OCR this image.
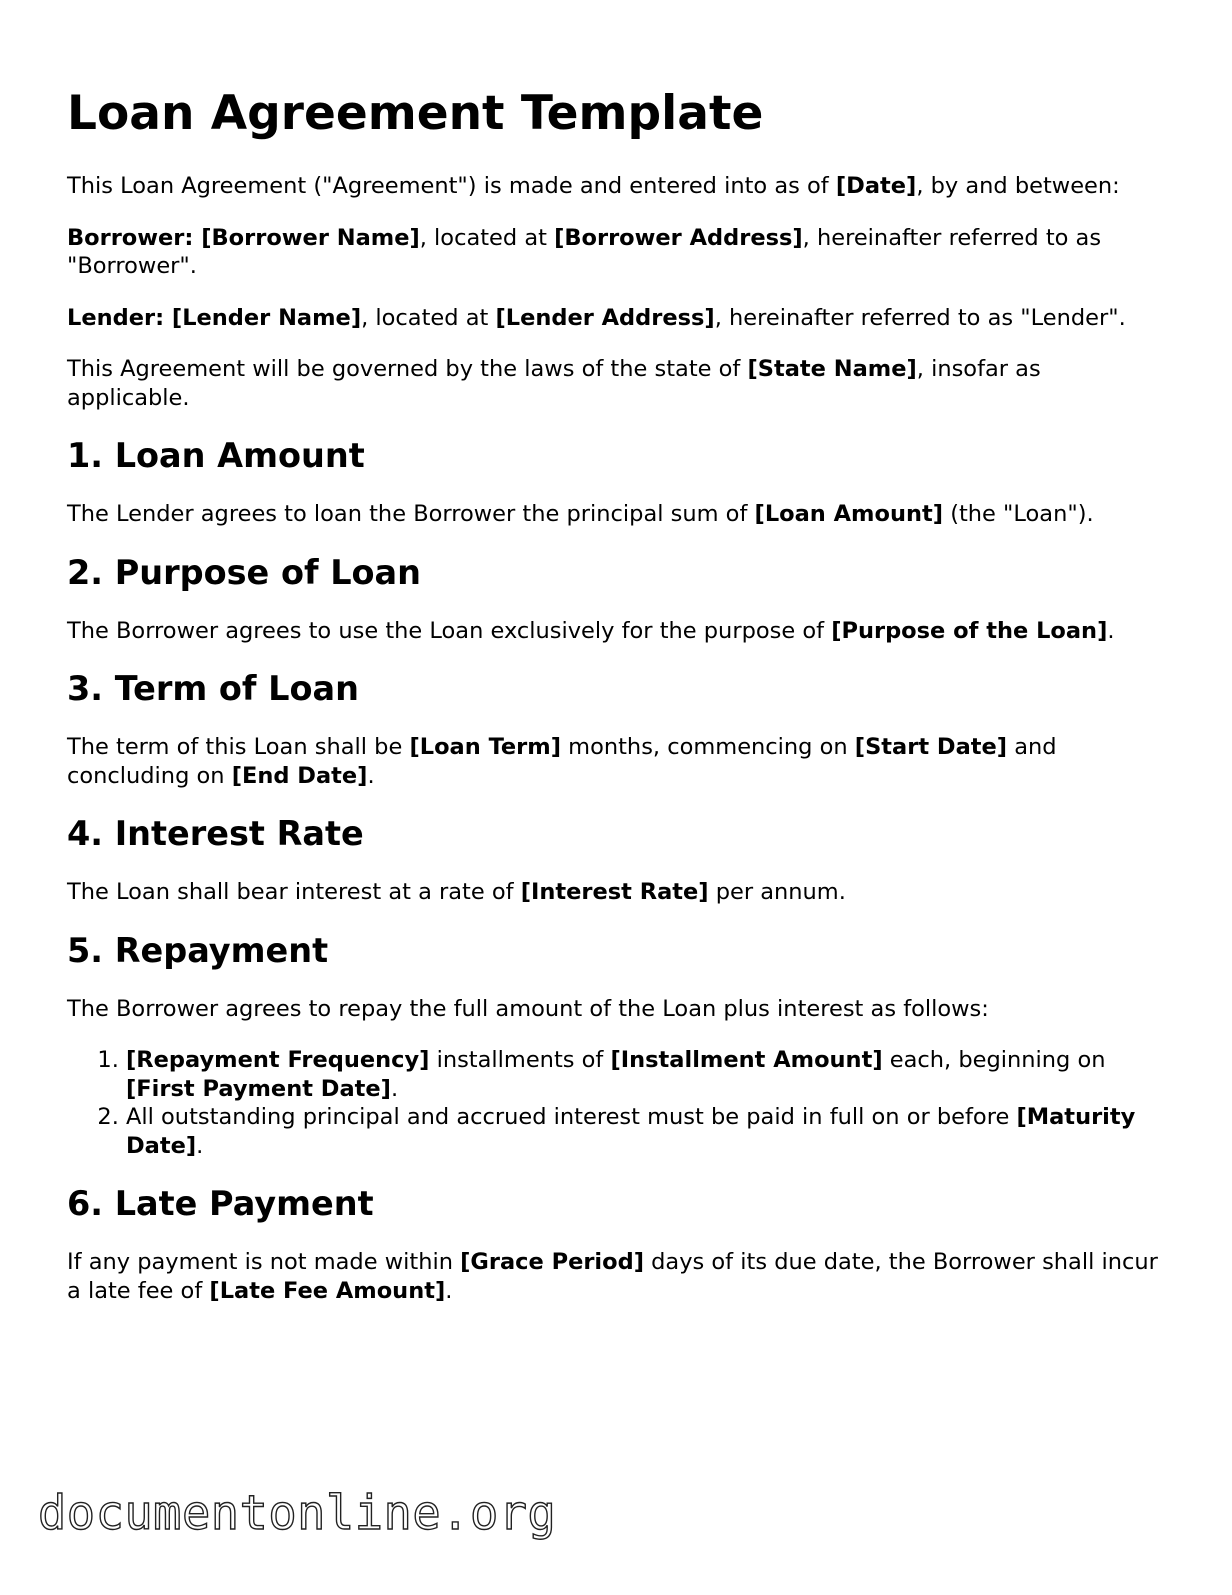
Loan Agreement Template

This Loan Agreement ("Agreement") is made and entered into as of [Date], by and between:

Borrower: [Borrower Name], located at [Borrower Address], hereinafter referred to as "Borrower".

Lender: [Lender Name], located at [Lender Address], hereinafter referred to as "Lender".

This Agreement will be governed by the laws of the state of [State Name], insofar as applicable.

1. Loan Amount

The Lender agrees to loan the Borrower the principal sum of [Loan Amount] (the "Loan").

2. Purpose of Loan

The Borrower agrees to use the Loan exclusively for the purpose of [Purpose of the Loan].

3. Term of Loan

The term of this Loan shall be [Loan Term] months, commencing on [Start Date] and concluding on [End Date].

4. Interest Rate

The Loan shall bear interest at a rate of [Interest Rate] per annum.

5. Repayment

The Borrower agrees to repay the full amount of the Loan plus interest as follows:

1. [Repayment Frequency] installments of [Installment Amount] each, beginning on [First Payment Date].
2. All outstanding principal and accrued interest must be paid in full on or before [Maturity Date].
6. Late Payment

If any payment is not made within [Grace Period] days of its due date, the Borrower shall incur a late fee of [Late Fee Amount].

documentonline.org
